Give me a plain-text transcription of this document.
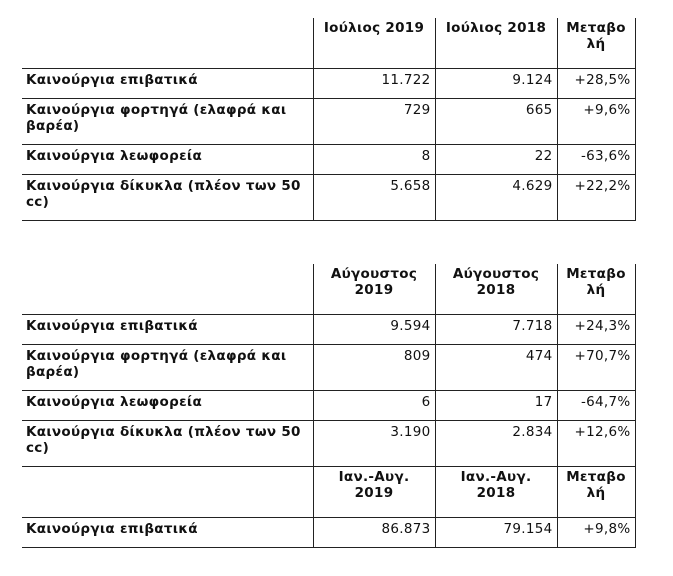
	Ιούλιος 2019	Ιούλιος 2018	Μεταβο λή
Καινούργια επιβατικά	11.722	9.124	+28,5%
Καινούργια φορτηγά (ελαφρά και βαρέα)	729	665	+9,6%
Καινούργια λεωφορεία	8	22	-63,6%
Καινούργια δίκυκλα (πλέον των 50 cc)	5.658	4.629	+22,2%
	Αύγουστος 2019	Αύγουστος 2018	Μεταβο λή
Καινούργια επιβατικά	9.594	7.718	+24,3%
Καινούργια φορτηγά (ελαφρά και βαρέα)	809	474	+70,7%
Καινούργια λεωφορεία	6	17	-64,7%
Καινούργια δίκυκλα (πλέον των 50 cc)	3.190	2.834	+12,6%
	Ιαν.-Αυγ. 2019	Ιαν.-Αυγ. 2018	Μεταβο λή
Καινούργια επιβατικά	86.873	79.154	+9,8%
